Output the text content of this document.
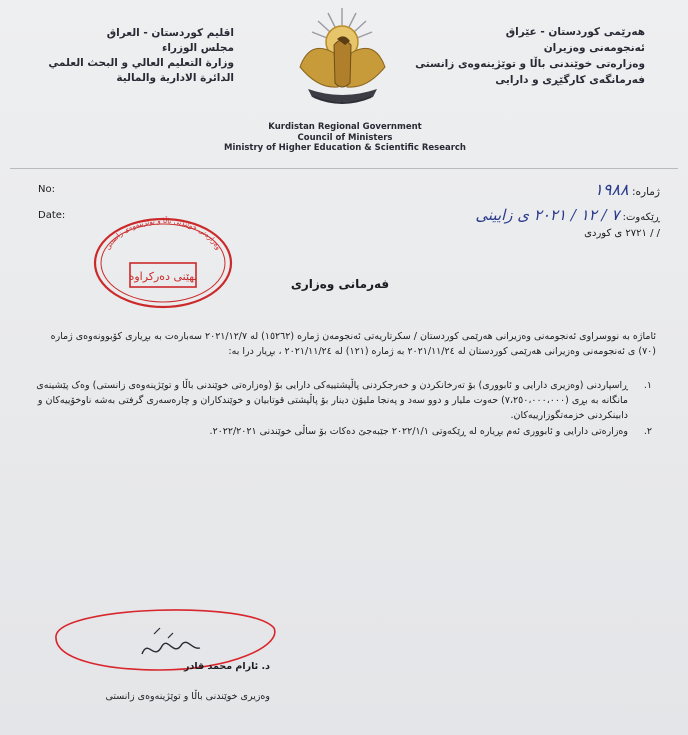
اقليم كوردستان - العراق
مجلس الوزراء
وزارة التعليم العالي و البحث العلمي
الدائرة الادارية والمالية
هەرێمی کوردستان - عێراق
ئەنجومەنی وەزیران
وەزارەتی خوێندنی باڵا و توێژینەوەی زانستی
فەرمانگەی کارگێڕی و دارایی
Kurdistan Regional Government
Council of Ministers
Ministry of Higher Education & Scientific Research
No:
Date:
ژمارە: ١٩٨٨
ڕێکەوت: ٧ / ١٢ / ٢٠٢١ ى زایینی
/ / ٢٧٢١ ى کوردی
وەزارەتی خوێندنی باڵا و توێژینەوەی زانستی
نهێنی دەرکراوە
فەرمانی وەزاری
ئاماژە بە نووسراوی ئەنجومەنی وەزیرانی هەرێمی کوردستان / سکرتاریەتی ئەنجومەن ژمارە (١٥٢٦٢) لە ٢٠٢١/١٢/٧ سەبارەت بە بڕیاری کۆبوونەوەی ژمارە (٧٠) ی ئەنجومەنی وەزیرانی هەرێمی کوردستان لە ٢٠٢١/١١/٢٤ بە ژمارە (١٢١) لە ٢٠٢١/١١/٢٤ ، بڕیار درا بە:
١.
ڕاسپاردنی (وەزیری دارایی و ئابووری) بۆ تەرخانکردن و خەرجکردنی پاڵپشتییەکی دارایی بۆ (وەزارەتی خوێندنی باڵا و توێژینەوەی زانستی) وەک پێشینەی مانگانە بە بڕی (٧،٢٥٠،٠٠٠،٠٠٠) حەوت ملیار و دوو سەد و پەنجا ملیۆن دینار بۆ پاڵپشتی قوتابیان و خوێندکاران و چارەسەری گرفتی بەشە ناوخۆییەکان و دابینکردنی خزمەتگوزارییەکان.
٢.
وەزارەتی دارایی و ئابووری ئەم بڕیارە لە ڕێکەوتی ٢٠٢٢/١/١ جێبەجێ دەکات بۆ ساڵی خوێندنی ٢٠٢٢/٢٠٢١.
د. ئارام محمد قادر
وەزیری خوێندنی باڵا و توێژینەوەی زانستی
